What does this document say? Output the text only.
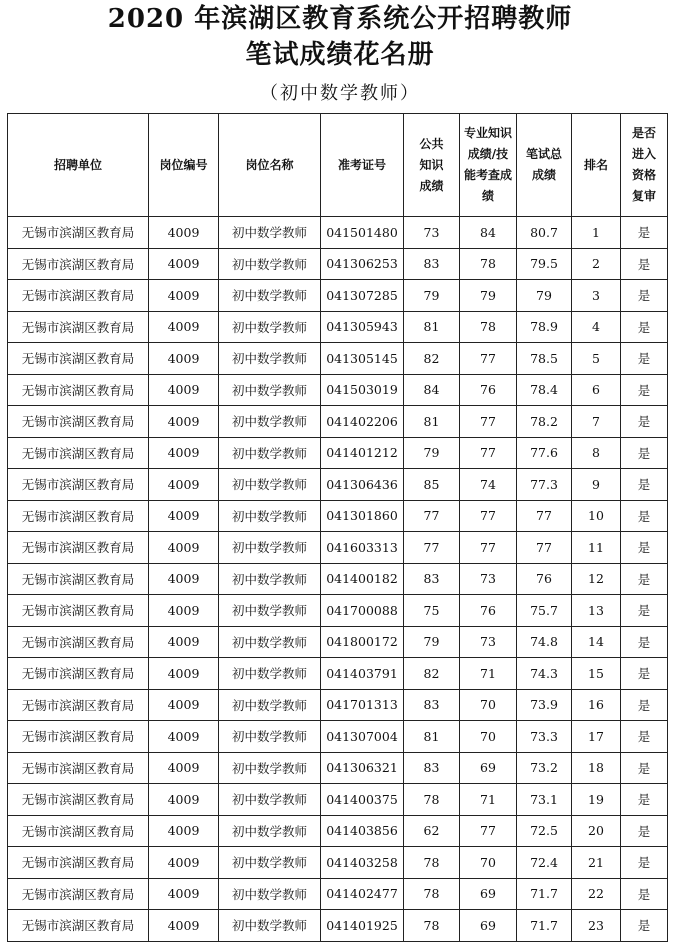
2020 年滨湖区教育系统公开招聘教师
笔试成绩花名册
（初中数学教师）
招聘单位	岗位编号	岗位名称	准考证号	公共知识成绩	专业知识成绩/技能考查成绩	笔试总成绩	排名	是否进入资格复审
无锡市滨湖区教育局	4009	初中数学教师	041501480	73	84	80.7	1	是
无锡市滨湖区教育局	4009	初中数学教师	041306253	83	78	79.5	2	是
无锡市滨湖区教育局	4009	初中数学教师	041307285	79	79	79	3	是
无锡市滨湖区教育局	4009	初中数学教师	041305943	81	78	78.9	4	是
无锡市滨湖区教育局	4009	初中数学教师	041305145	82	77	78.5	5	是
无锡市滨湖区教育局	4009	初中数学教师	041503019	84	76	78.4	6	是
无锡市滨湖区教育局	4009	初中数学教师	041402206	81	77	78.2	7	是
无锡市滨湖区教育局	4009	初中数学教师	041401212	79	77	77.6	8	是
无锡市滨湖区教育局	4009	初中数学教师	041306436	85	74	77.3	9	是
无锡市滨湖区教育局	4009	初中数学教师	041301860	77	77	77	10	是
无锡市滨湖区教育局	4009	初中数学教师	041603313	77	77	77	11	是
无锡市滨湖区教育局	4009	初中数学教师	041400182	83	73	76	12	是
无锡市滨湖区教育局	4009	初中数学教师	041700088	75	76	75.7	13	是
无锡市滨湖区教育局	4009	初中数学教师	041800172	79	73	74.8	14	是
无锡市滨湖区教育局	4009	初中数学教师	041403791	82	71	74.3	15	是
无锡市滨湖区教育局	4009	初中数学教师	041701313	83	70	73.9	16	是
无锡市滨湖区教育局	4009	初中数学教师	041307004	81	70	73.3	17	是
无锡市滨湖区教育局	4009	初中数学教师	041306321	83	69	73.2	18	是
无锡市滨湖区教育局	4009	初中数学教师	041400375	78	71	73.1	19	是
无锡市滨湖区教育局	4009	初中数学教师	041403856	62	77	72.5	20	是
无锡市滨湖区教育局	4009	初中数学教师	041403258	78	70	72.4	21	是
无锡市滨湖区教育局	4009	初中数学教师	041402477	78	69	71.7	22	是
无锡市滨湖区教育局	4009	初中数学教师	041401925	78	69	71.7	23	是
